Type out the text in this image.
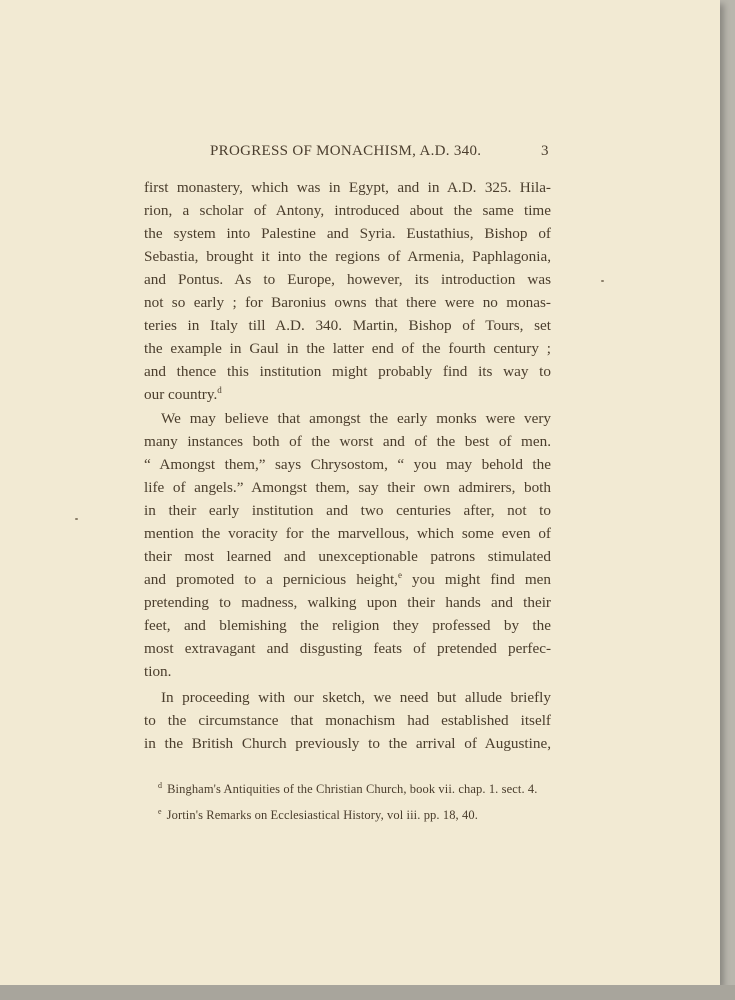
PROGRESS OF MONACHISM, A.D. 340.	3
first monastery, which was in Egypt, and in A.D. 325. Hila-
rion, a scholar of Antony, introduced about the same time
the system into Palestine and Syria. Eustathius, Bishop of
Sebastia, brought it into the regions of Armenia, Paphlagonia,
and Pontus. As to Europe, however, its introduction was
not so early ; for Baronius owns that there were no monas-
teries in Italy till A.D. 340. Martin, Bishop of Tours, set
the example in Gaul in the latter end of the fourth century ;
and thence this institution might probably find its way to
our country.$^d$
We may believe that amongst the early monks were very
many instances both of the worst and of the best of men.
“ Amongst them,” says Chrysostom, “ you may behold the
life of angels.” Amongst them, say their own admirers, both
in their early institution and two centuries after, not to
mention the voracity for the marvellous, which some even of
their most learned and unexceptionable patrons stimulated
and promoted to a pernicious height,$^e$ you might find men
pretending to madness, walking upon their hands and their
feet, and blemishing the religion they professed by the
most extravagant and disgusting feats of pretended perfec-
tion.
In proceeding with our sketch, we need but allude briefly
to the circumstance that monachism had established itself
in the British Church previously to the arrival of Augustine,
$^d$ Bingham's Antiquities of the Christian Church, book vii. chap. 1. sect. 4.
$^e$ Jortin's Remarks on Ecclesiastical History, vol iii. pp. 18, 40.
